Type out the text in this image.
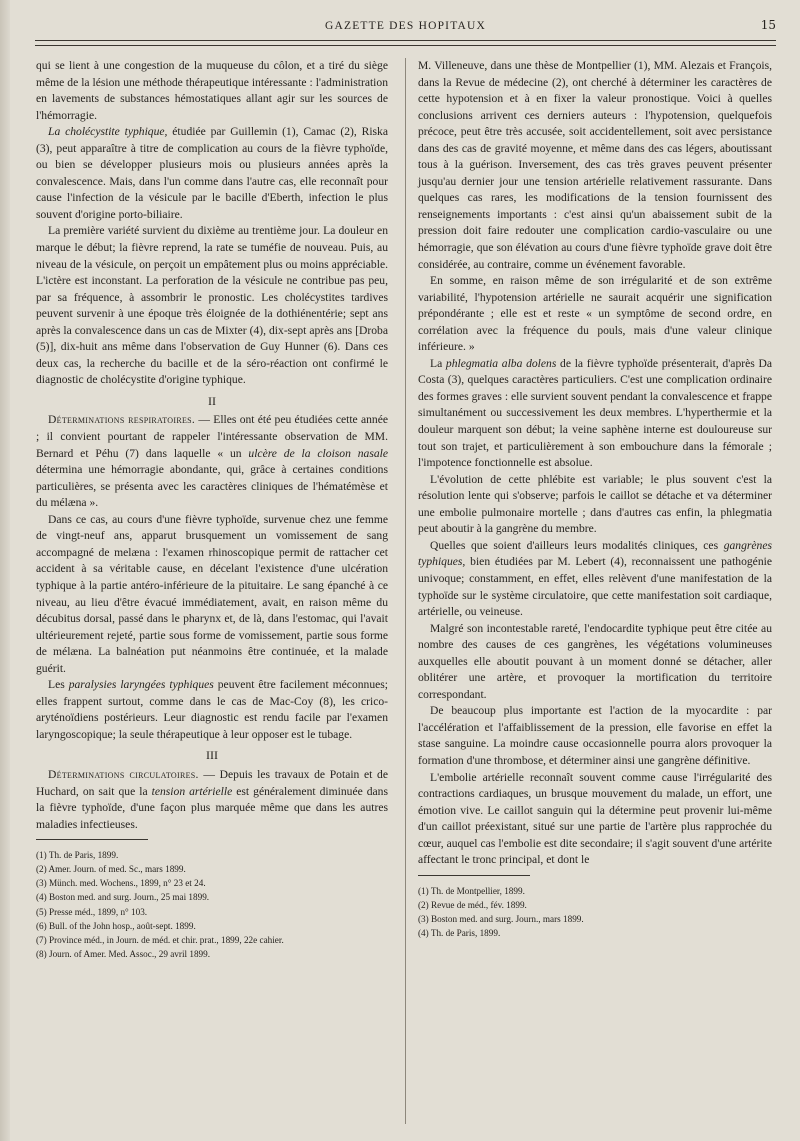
GAZETTE DES HOPITAUX	15

qui se lient à une congestion de la muqueuse du côlon, et a tiré du siège même de la lésion une méthode thérapeutique intéressante : l'administration en lavements de substances hémostatiques allant agir sur les sources de l'hémorragie.

La cholécystite typhique, étudiée par Guillemin (1), Camac (2), Riska (3), peut apparaître à titre de complication au cours de la fièvre typhoïde, ou bien se développer plusieurs mois ou plusieurs années après la convalescence. Mais, dans l'un comme dans l'autre cas, elle reconnaît pour cause l'infection de la vésicule par le bacille d'Eberth, infection le plus souvent d'origine porto-biliaire.

La première variété survient du dixième au trentième jour. La douleur en marque le début; la fièvre reprend, la rate se tuméfie de nouveau. Puis, au niveau de la vésicule, on perçoit un empâtement plus ou moins appréciable. L'ictère est inconstant. La perforation de la vésicule ne contribue pas peu, par sa fréquence, à assombrir le pronostic. Les cholécystites tardives peuvent survenir à une époque très éloignée de la dothiénentérie; sept ans après la convalescence dans un cas de Mixter (4), dix-sept après ans [Droba (5)], dix-huit ans même dans l'observation de Guy Hunner (6). Dans ces deux cas, la recherche du bacille et de la séro-réaction ont confirmé le diagnostic de cholécystite d'origine typhique.

II

Déterminations respiratoires. — Elles ont été peu étudiées cette année ; il convient pourtant de rappeler l'intéressante observation de MM. Bernard et Péhu (7) dans laquelle « un ulcère de la cloison nasale détermina une hémorragie abondante, qui, grâce à certaines conditions particulières, se présenta avec les caractères cliniques de l'hématémèse et du mélæna ».

Dans ce cas, au cours d'une fièvre typhoïde, survenue chez une femme de vingt-neuf ans, apparut brusquement un vomissement de sang accompagné de melæna : l'examen rhinoscopique permit de rattacher cet accident à sa véritable cause, en décelant l'existence d'une ulcération typhique à la partie antéro-inférieure de la pituitaire. Le sang épanché à ce niveau, au lieu d'être évacué immédiatement, avait, en raison même du décubitus dorsal, passé dans le pharynx et, de là, dans l'estomac, qui l'avait ultérieurement rejeté, partie sous forme de vomissement, partie sous forme de mélæna. La balnéation put néanmoins être continuée, et la malade guérit.

Les paralysies laryngées typhiques peuvent être facilement méconnues; elles frappent surtout, comme dans le cas de Mac-Coy (8), les crico-aryténoïdiens postérieurs. Leur diagnostic est rendu facile par l'examen laryngoscopique; la seule thérapeutique à leur opposer est le tubage.

III

Déterminations circulatoires. — Depuis les travaux de Potain et de Huchard, on sait que la tension artérielle est généralement diminuée dans la fièvre typhoïde, d'une façon plus marquée même que dans les autres maladies infectieuses.

(1) Th. de Paris, 1899.
(2) Amer. Journ. of med. Sc., mars 1899.
(3) Münch. med. Wochens., 1899, n° 23 et 24.
(4) Boston med. and surg. Journ., 25 mai 1899.
(5) Presse méd., 1899, n° 103.
(6) Bull. of the John hosp., août-sept. 1899.
(7) Province méd., in Journ. de méd. et chir. prat., 1899, 22e cahier.
(8) Journ. of Amer. Med. Assoc., 29 avril 1899.

M. Villeneuve, dans une thèse de Montpellier (1), MM. Alezais et François, dans la Revue de médecine (2), ont cherché à déterminer les caractères de cette hypotension et à en fixer la valeur pronostique. Voici à quelles conclusions arrivent ces derniers auteurs : l'hypotension, quelquefois précoce, peut être très accusée, soit accidentellement, soit avec persistance dans des cas de gravité moyenne, et même dans des cas légers, aboutissant tous à la guérison. Inversement, des cas très graves peuvent présenter jusqu'au dernier jour une tension artérielle relativement rassurante. Dans quelques cas rares, les modifications de la tension fournissent des renseignements importants : c'est ainsi qu'un abaissement subit de la pression doit faire redouter une complication cardio-vasculaire ou une hémorragie, que son élévation au cours d'une fièvre typhoïde grave doit être considérée, au contraire, comme un événement favorable.

En somme, en raison même de son irrégularité et de son extrême variabilité, l'hypotension artérielle ne saurait acquérir une signification prépondérante ; elle est et reste « un symptôme de second ordre, en corrélation avec la fréquence du pouls, mais d'une valeur clinique inférieure. »

La phlegmatia alba dolens de la fièvre typhoïde présenterait, d'après Da Costa (3), quelques caractères particuliers. C'est une complication ordinaire des formes graves : elle survient souvent pendant la convalescence et frappe simultanément ou successivement les deux membres. L'hyperthermie et la douleur marquent son début; la veine saphène interne est douloureuse sur tout son trajet, et particulièrement à son embouchure dans la fémorale ; l'impotence fonctionnelle est absolue.

L'évolution de cette phlébite est variable; le plus souvent c'est la résolution lente qui s'observe; parfois le caillot se détache et va déterminer une embolie pulmonaire mortelle ; dans d'autres cas enfin, la phlegmatia peut aboutir à la gangrène du membre.

Quelles que soient d'ailleurs leurs modalités cliniques, ces gangrènes typhiques, bien étudiées par M. Lebert (4), reconnaissent une pathogénie univoque; constamment, en effet, elles relèvent d'une manifestation de la typhoïde sur le système circulatoire, que cette manifestation soit cardiaque, artérielle, ou veineuse.

Malgré son incontestable rareté, l'endocardite typhique peut être citée au nombre des causes de ces gangrènes, les végétations volumineuses auxquelles elle aboutit pouvant à un moment donné se détacher, aller oblitérer une artère, et provoquer la mortification du territoire correspondant.

De beaucoup plus importante est l'action de la myocardite : par l'accélération et l'affaiblissement de la pression, elle favorise en effet la stase sanguine. La moindre cause occasionnelle pourra alors provoquer la formation d'une thrombose, et déterminer ainsi une gangrène définitive.

L'embolie artérielle reconnaît souvent comme cause l'irrégularité des contractions cardiaques, un brusque mouvement du malade, un effort, une émotion vive. Le caillot sanguin qui la détermine peut provenir lui-même d'un caillot préexistant, situé sur une partie de l'artère plus rapprochée du cœur, auquel cas l'embolie est dite secondaire; il s'agit souvent d'une artérite affectant le tronc principal, et dont le

(1) Th. de Montpellier, 1899.
(2) Revue de méd., fév. 1899.
(3) Boston med. and surg. Journ., mars 1899.
(4) Th. de Paris, 1899.
